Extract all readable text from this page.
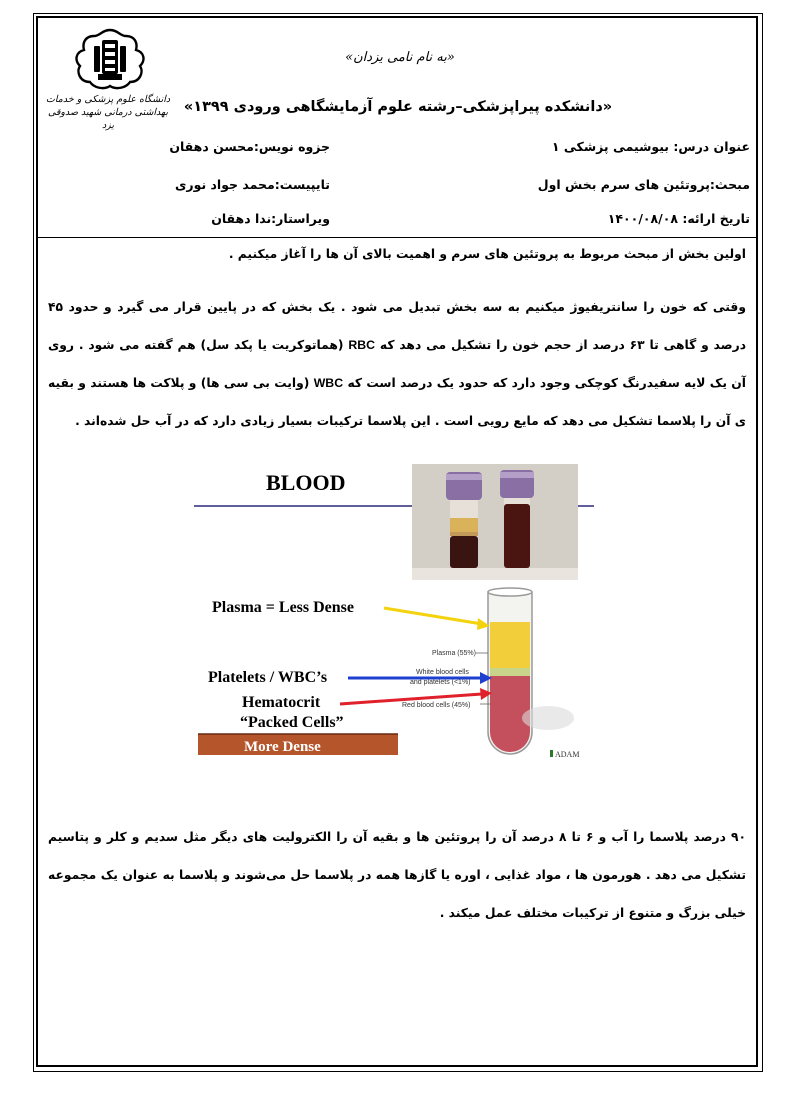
دانشگاه علوم پزشکی و خدمات بهداشتی درمانی شهید صدوقی یزد
«به نام نامی یزدان»
«دانشکده پیراپزشکی–رشته علوم آزمایشگاهی ورودی ۱۳۹۹»
عنوان درس: بیوشیمی پزشکی ۱
مبحث:پروتئین های سرم بخش اول
تاریخ ارائه: ۱۴۰۰/۰۸/۰۸
جزوه نویس:محسن دهقان
تایپیست:محمد جواد نوری
ویراستار:ندا دهقان
اولین بخش از مبحث مربوط به پروتئین های سرم و اهمیت بالای آن ها را آغاز میکنیم .
وقتی که خون را سانتریفیوژ میکنیم به سه بخش تبدیل می شود . یک بخش که در پایین قرار می گیرد و حدود ۴۵ درصد و گاهی تا ۶۳ درصد از حجم خون را تشکیل می دهد که RBC (هماتوکریت یا پکد سل) هم گفته می شود . روی آن یک لایه سفیدرنگ کوچکی وجود دارد که حدود یک درصد است که WBC (وایت بی سی ها) و پلاکت ها هستند و بقیه ی آن را پلاسما تشکیل می دهد که مایع رویی است . این پلاسما ترکیبات بسیار زیادی دارد که در آب حل شده‌اند .
BLOOD
Plasma (55%)
White blood cells
and platelets (<1%)
Red blood cells (45%)
Plasma = Less Dense
Platelets / WBC’s
Hematocrit
“Packed Cells”
More Dense	ADAM
۹۰ درصد پلاسما را آب و ۶ تا ۸ درصد آن را پروتئین ها و بقیه آن را الکترولیت های دیگر مثل سدیم و کلر و پتاسیم تشکیل می دهد . هورمون ها ، مواد غذایی ، اوره یا گازها همه در پلاسما حل می‌شوند و پلاسما به عنوان یک مجموعه خیلی بزرگ و متنوع از ترکیبات مختلف عمل میکند .
